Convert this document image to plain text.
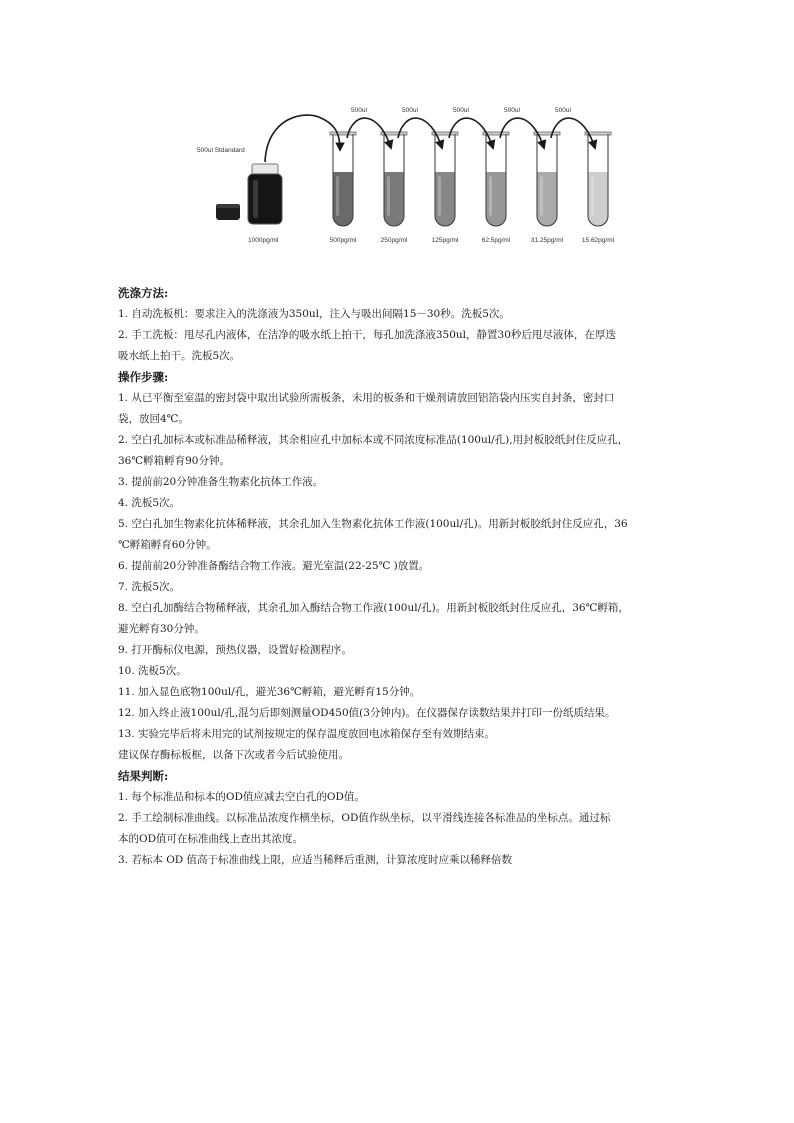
500ul Stdandard
1000pg/ml	500pg/ml	250pg/ml	125pg/ml	62.5pg/ml	31.25pg/ml	15.62pg/ml
500ul	500ul	500ul	500ul	500ul
洗涤方法:
1. 自动洗板机：要求注入的洗涤液为350ul，注入与吸出间隔15－30秒。洗板5次。
2. 手工洗板：甩尽孔内液体，在洁净的吸水纸上拍干，每孔加洗涤液350ul，静置30秒后甩尽液体，在厚迭
吸水纸上拍干。洗板5次。
操作步骤:
1. 从已平衡至室温的密封袋中取出试验所需板条，未用的板条和干燥剂请放回铝箔袋内压实自封条，密封口
袋，放回4℃。
2. 空白孔加标本或标准品稀释液，其余相应孔中加标本或不同浓度标准品(100ul/孔),用封板胶纸封住反应孔，
36℃孵箱孵育90分钟。
3. 提前前20分钟准备生物素化抗体工作液。
4. 洗板5次。
5. 空白孔加生物素化抗体稀释液，其余孔加入生物素化抗体工作液(100ul/孔)。用新封板胶纸封住反应孔，36
℃孵箱孵育60分钟。
6. 提前前20分钟准备酶结合物工作液。避光室温(22-25℃ )放置。
7. 洗板5次。
8. 空白孔加酶结合物稀释液，其余孔加入酶结合物工作液(100ul/孔)。用新封板胶纸封住反应孔，36℃孵箱，
避光孵育30分钟。
9. 打开酶标仪电源，预热仪器，设置好检测程序。
10. 洗板5次。
11. 加入显色底物100ul/孔，避光36℃孵箱，避光孵育15分钟。
12. 加入终止液100ul/孔,混匀后即刻测量OD450值(3分钟内)。在仪器保存读数结果并打印一份纸质结果。
13. 实验完毕后将未用完的试剂按规定的保存温度放回电冰箱保存至有效期结束。
建议保存酶标板框，以备下次或者今后试验使用。
结果判断:
1. 每个标准品和标本的OD值应减去空白孔的OD值。
2. 手工绘制标准曲线。以标准品浓度作横坐标，OD值作纵坐标，以平滑线连接各标准品的坐标点。通过标
本的OD值可在标准曲线上查出其浓度。
3. 若标本 OD 值高于标准曲线上限，应适当稀释后重测，计算浓度时应乘以稀释倍数
